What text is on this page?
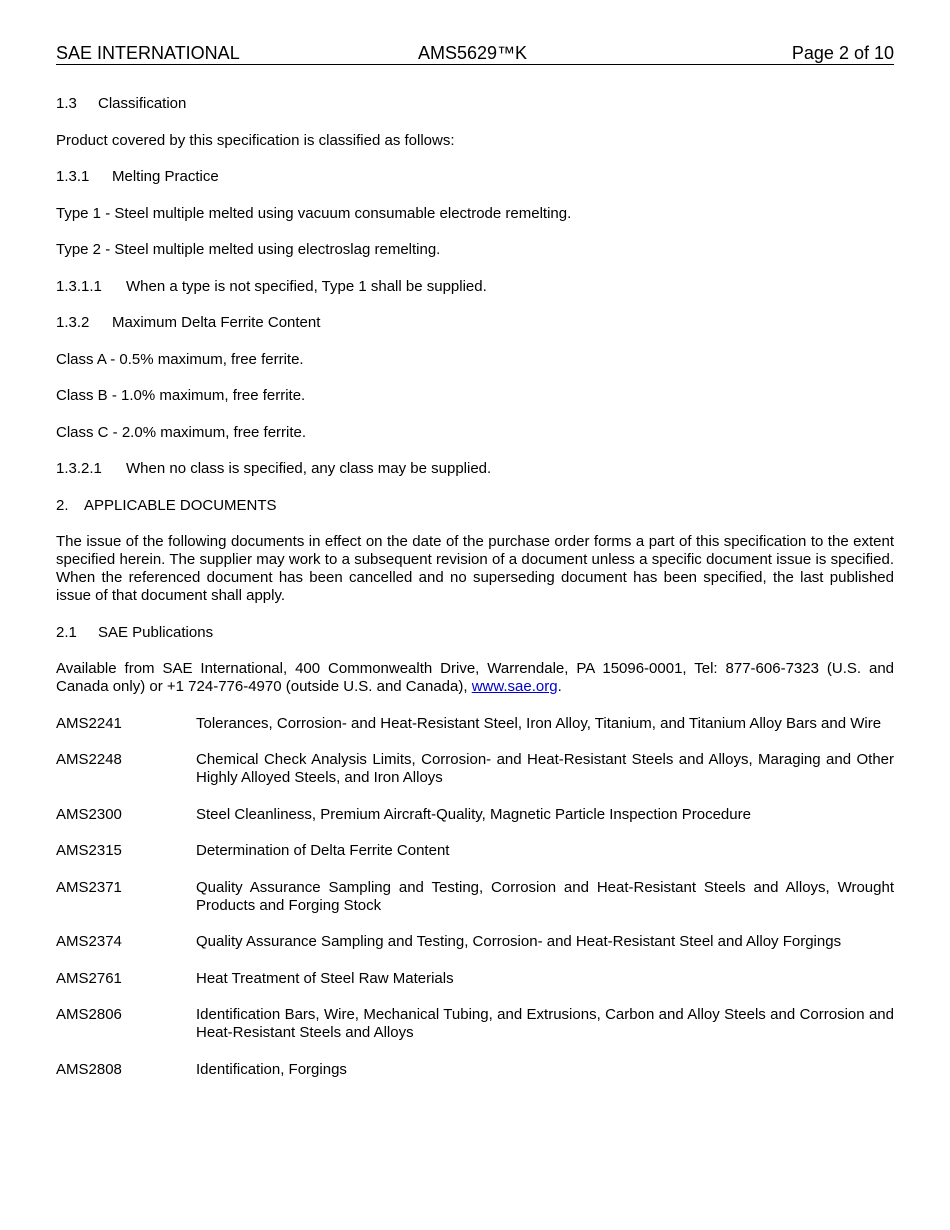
SAE INTERNATIONAL	AMS5629™K	Page 2 of 10

1.3 Classification

Product covered by this specification is classified as follows:

1.3.1 Melting Practice

Type 1 - Steel multiple melted using vacuum consumable electrode remelting.

Type 2 - Steel multiple melted using electroslag remelting.

1.3.1.1 When a type is not specified, Type 1 shall be supplied.

1.3.2 Maximum Delta Ferrite Content

Class A - 0.5% maximum, free ferrite.

Class B - 1.0% maximum, free ferrite.

Class C - 2.0% maximum, free ferrite.

1.3.2.1 When no class is specified, any class may be supplied.

2. APPLICABLE DOCUMENTS

The issue of the following documents in effect on the date of the purchase order forms a part of this specification to the extent specified herein. The supplier may work to a subsequent revision of a document unless a specific document issue is specified. When the referenced document has been cancelled and no superseding document has been specified, the last published issue of that document shall apply.

2.1 SAE Publications

Available from SAE International, 400 Commonwealth Drive, Warrendale, PA 15096-0001, Tel: 877-606-7323 (U.S. and Canada only) or +1 724-776-4970 (outside U.S. and Canada), www.sae.org.

AMS2241	Tolerances, Corrosion- and Heat-Resistant Steel, Iron Alloy, Titanium, and Titanium Alloy Bars and Wire
AMS2248	Chemical Check Analysis Limits, Corrosion- and Heat-Resistant Steels and Alloys, Maraging and Other Highly Alloyed Steels, and Iron Alloys
AMS2300	Steel Cleanliness, Premium Aircraft-Quality, Magnetic Particle Inspection Procedure
AMS2315	Determination of Delta Ferrite Content
AMS2371	Quality Assurance Sampling and Testing, Corrosion and Heat-Resistant Steels and Alloys, Wrought Products and Forging Stock
AMS2374	Quality Assurance Sampling and Testing, Corrosion- and Heat-Resistant Steel and Alloy Forgings
AMS2761	Heat Treatment of Steel Raw Materials
AMS2806	Identification Bars, Wire, Mechanical Tubing, and Extrusions, Carbon and Alloy Steels and Corrosion and Heat-Resistant Steels and Alloys
AMS2808	Identification, Forgings
